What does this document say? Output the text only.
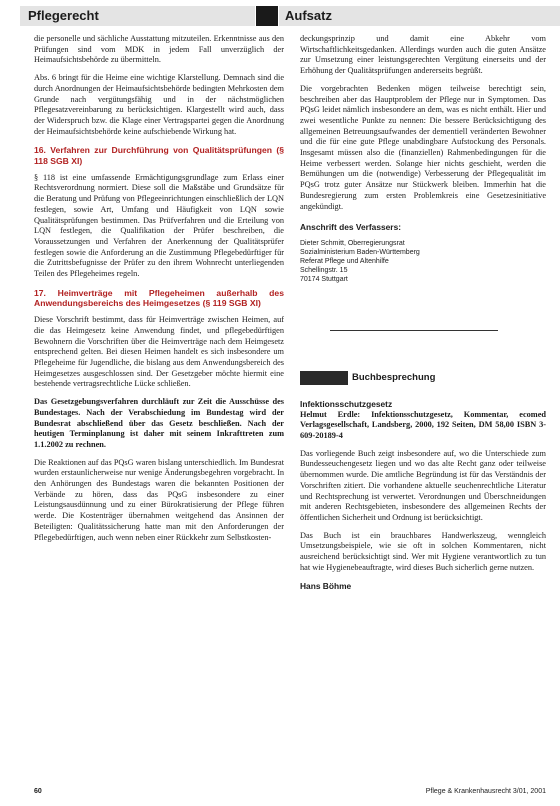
Pflegerecht	Aufsatz

die personelle und sächliche Ausstattung mitzuteilen. Erkenntnisse aus den Prüfungen sind vom MDK in jedem Fall unverzüglich der Heimaufsichtsbehörde zu übermitteln.

Abs. 6 bringt für die Heime eine wichtige Klarstellung. Demnach sind die durch Anordnungen der Heimaufsichtsbehörde bedingten Mehrkosten dem Grunde nach vergütungsfähig und in der nächstmöglichen Pflegesatzvereinbarung zu berücksichtigen. Klargestellt wird auch, dass der Widerspruch bzw. die Klage einer Vertragspartei gegen die Anordnung der Heimaufsichtsbehörde keine aufschiebende Wirkung hat.

16. Verfahren zur Durchführung von Qualitätsprüfungen (§ 118 SGB XI)

§ 118 ist eine umfassende Ermächtigungsgrundlage zum Erlass einer Rechtsverordnung normiert. Diese soll die Maßstäbe und Grundsätze für die Beratung und Prüfung von Pflegeeinrichtungen einschließlich der LQN festlegen, sowie Art, Umfang und Häufigkeit von LQN sowie Qualitätsprüfungen bestimmen. Das Prüfverfahren und die Erteilung von LQN festlegen, die Qualifikation der Prüfer beschreiben, die Voraussetzungen und Verfahren der Anerkennung der Qualitätsprüfer festlegen sowie die Anforderung an die Zustimmung Pflegebedürftiger für die Zutrittsbefugnisse der Prüfer zu den ihrem Wohnrecht unterliegenden Teilen des Pflegeheimes regeln.

17. Heimverträge mit Pflegeheimen außerhalb des Anwendungsbereichs des Heimgesetzes (§ 119 SGB XI)

Diese Vorschrift bestimmt, dass für Heimverträge zwischen Heimen, auf die das Heimgesetz keine Anwendung findet, und pflegebedürftigen Bewohnern die Vorschriften über die Heimverträge nach dem Heimgesetz entsprechend gelten. Bei diesen Heimen handelt es sich insbesondere um Pflegeheime für Jugendliche, die bislang aus dem Anwendungsbereich des Heimgesetzes ausgeschlossen sind. Der Gesetzgeber möchte hiermit eine bestehende vertragsrechtliche Lücke schließen.

Das Gesetzgebungsverfahren durchläuft zur Zeit die Ausschüsse des Bundestages. Nach der Verabschiedung im Bundestag wird der Bundesrat abschließend über das Gesetz beschließen. Nach der heutigen Terminplanung ist daher mit seinem Inkrafttreten zum 1.1.2002 zu rechnen.

Die Reaktionen auf das PQsG waren bislang unterschiedlich. Im Bundesrat wurden erstaunlicherweise nur wenige Änderungsbegehren vorgebracht. In den Anhörungen des Bundestags waren die bekannten Positionen der Verbände zu hören, dass das PQsG insbesondere zu einer Leistungsausdünnung und zu einer Bürokratisierung der Pflege führen werde. Die Kostenträger übernahmen weitgehend das Ansinnen der Beteiligten: Qualitätssicherung hatte man mit den Anforderungen der Pflegebedürftigen, auch wenn neben einer Rückkehr zum Selbstkosten-

deckungsprinzip und damit eine Abkehr vom Wirtschaftlichkeitsgedanken. Allerdings wurden auch die guten Ansätze zur Umsetzung einer leistungsgerechten Vergütung einerseits und der Erhöhung der Qualitätsprüfungen andererseits begrüßt.

Die vorgebrachten Bedenken mögen teilweise berechtigt sein, beschreiben aber das Hauptproblem der Pflege nur in Symptomen. Das PQsG leidet nämlich insbesondere an dem, was es nicht enthält. Hier und zwei wesentliche Punkte zu nennen: Die bessere Berücksichtigung des allgemeinen Betreuungsaufwandes der dementiell veränderten Bewohner und die für eine gute Pflege unabdingbare Aufstockung des Personals. Insgesamt müssen also die (finanziellen) Rahmenbedingungen für die Heime verbessert werden. Solange hier nichts geschieht, werden die Bemühungen um die (notwendige) Verbesserung der Pflegequalität im PQsG trotz guter Ansätze nur Stückwerk bleiben. Immerhin hat die Bundesregierung zum ersten Problemkreis eine Gesetzesinitiative angekündigt.

Anschrift des Verfassers:
Dieter Schmitt, Oberregierungsrat
Sozialministerium Baden-Württemberg
Referat Pflege und Altenhilfe
Schellingstr. 15
70174 Stuttgart
Buchbesprechung
Infektionsschutzgesetz

Helmut Erdle: Infektionsschutzgesetz, Kommentar, ecomed Verlagsgesellschaft, Landsberg, 2000, 192 Seiten, DM 58,00 ISBN 3-609-20189-4

Das vorliegende Buch zeigt insbesondere auf, wo die Unterschiede zum Bundesseuchengesetz liegen und wo das alte Recht ganz oder teilweise übernommen wurde. Die amtliche Begründung ist für das Verständnis der Vorschriften zitiert. Die vorhandene aktuelle seuchenrechtliche Literatur und Rechtsprechung ist verwertet. Verordnungen und Überschneidungen mit anderen Rechtsgebieten, insbesondere des allgemeinen Rechts der öffentlichen Sicherheit und Ordnung ist berücksichtigt.

Das Buch ist ein brauchbares Handwerkszeug, wenngleich Umsetzungsbeispiele, wie sie oft in solchen Kommentaren, nicht ausreichend berücksichtigt sind. Wer mit Hygiene verantwortlich zu tun hat wie Hygienebeauftragte, wird dieses Buch sicherlich gerne nutzen.

Hans Böhme
60	Pflege & Krankenhausrecht 3/01, 2001
